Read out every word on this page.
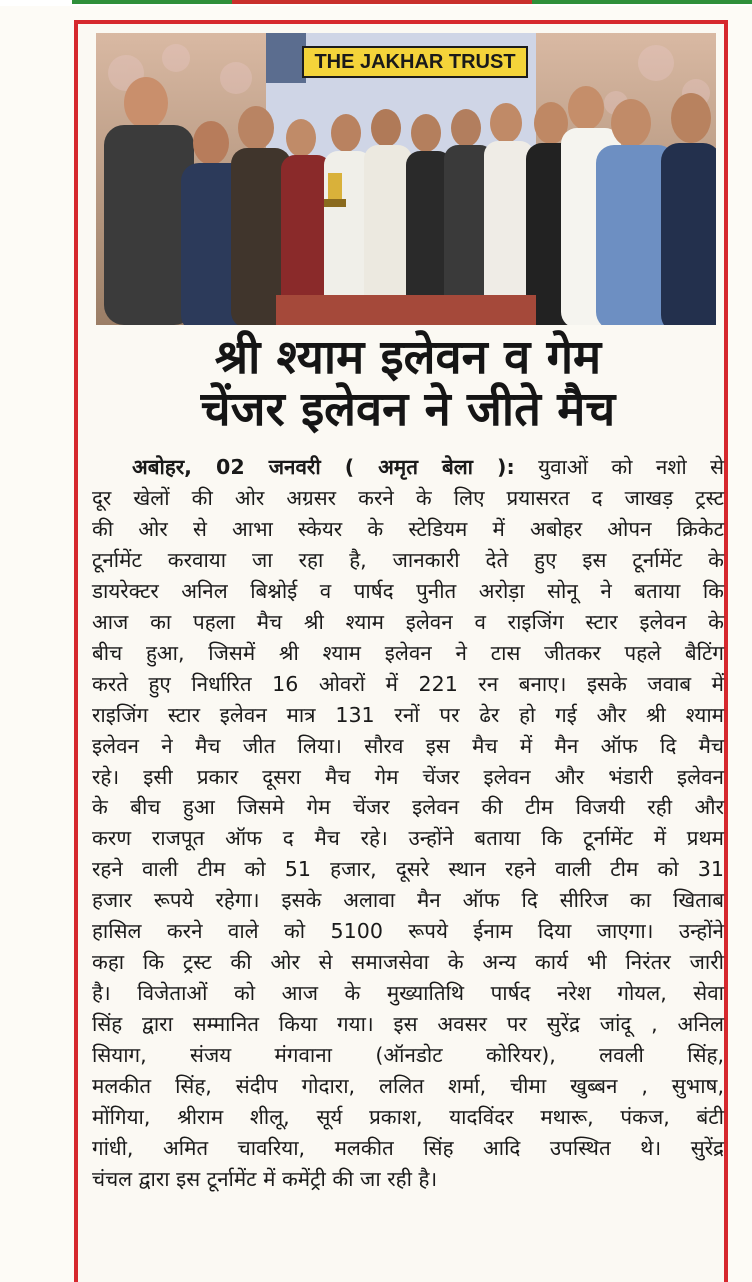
THE JAKHAR TRUST
श्री श्याम इलेवन व गेम
चेंजर इलेवन ने जीते मैच
अबोहर, 02 जनवरी ( अमृत बेला ): युवाओं को नशो से
दूर खेलों की ओर अग्रसर करने के लिए प्रयासरत द जाखड़ ट्रस्ट
की ओर से आभा स्केयर के स्टेडियम में अबोहर ओपन क्रिकेट
टूर्नामेंट करवाया जा रहा है, जानकारी देते हुए इस टूर्नामेंट के
डायरेक्टर अनिल बिश्नोई व पार्षद पुनीत अरोड़ा सोनू ने बताया कि
आज का पहला मैच श्री श्याम इलेवन व राइजिंग स्टार इलेवन के
बीच हुआ, जिसमें श्री श्याम इलेवन ने टास जीतकर पहले बैटिंग
करते हुए निर्धारित 16 ओवरों में 221 रन बनाए। इसके जवाब में
राइजिंग स्टार इलेवन मात्र 131 रनों पर ढेर हो गई और श्री श्याम
इलेवन ने मैच जीत लिया। सौरव इस मैच में मैन ऑफ दि मैच
रहे। इसी प्रकार दूसरा मैच गेम चेंजर इलेवन और भंडारी इलेवन
के बीच हुआ जिसमे गेम चेंजर इलेवन की टीम विजयी रही और
करण राजपूत ऑफ द मैच रहे। उन्होंने बताया कि टूर्नामेंट में प्रथम
रहने वाली टीम को 51 हजार, दूसरे स्थान रहने वाली टीम को 31
हजार रूपये रहेगा। इसके अलावा मैन ऑफ दि सीरिज का खिताब
हासिल करने वाले को 5100 रूपये ईनाम दिया जाएगा। उन्होंने
कहा कि ट्रस्ट की ओर से समाजसेवा के अन्य कार्य भी निरंतर जारी
है। विजेताओं को आज के मुख्यातिथि पार्षद नरेश गोयल, सेवा
सिंह द्वारा सम्मानित किया गया। इस अवसर पर सुरेंद्र जांदू , अनिल
सियाग, संजय मंगवाना (ऑनडोट कोरियर), लवली सिंह,
मलकीत सिंह, संदीप गोदारा, ललित शर्मा, चीमा खुब्बन , सुभाष,
मोंगिया, श्रीराम शीलू, सूर्य प्रकाश, यादविंदर मथारू, पंकज, बंटी
गांधी, अमित चावरिया, मलकीत सिंह आदि उपस्थित थे। सुरेंद्र
चंचल द्वारा इस टूर्नामेंट में कमेंट्री की जा रही है।
